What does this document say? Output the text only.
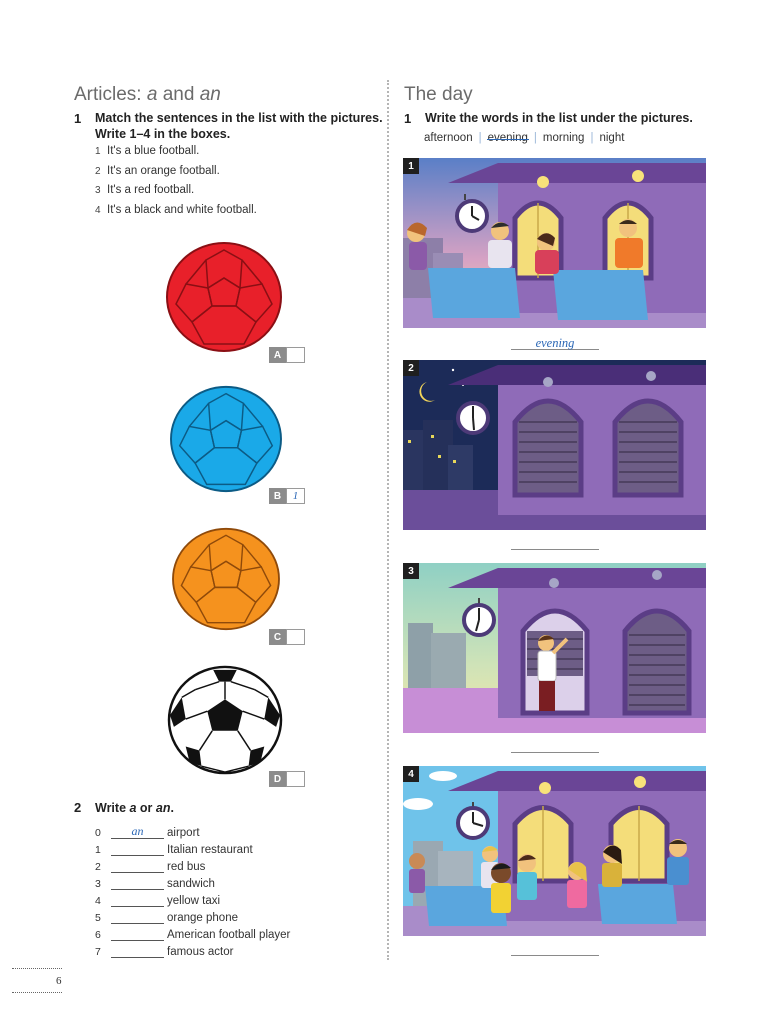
Articles: a and an
1 Match the sentences in the list with the pictures.
Write 1–4 in the boxes.
1 It's a blue football.
2 It's an orange football.
3 It's a red football.
4 It's a black and white football.
A
B	1
C
D
2 Write a or an.
0	an	airport
1	Italian restaurant
2	red bus
3	sandwich
4	yellow taxi
5	orange phone
6	American football player
7	famous actor
The day
1 Write the words in the list under the pictures.
afternoon | evening | morning | night
1
evening
2
3
4
6
